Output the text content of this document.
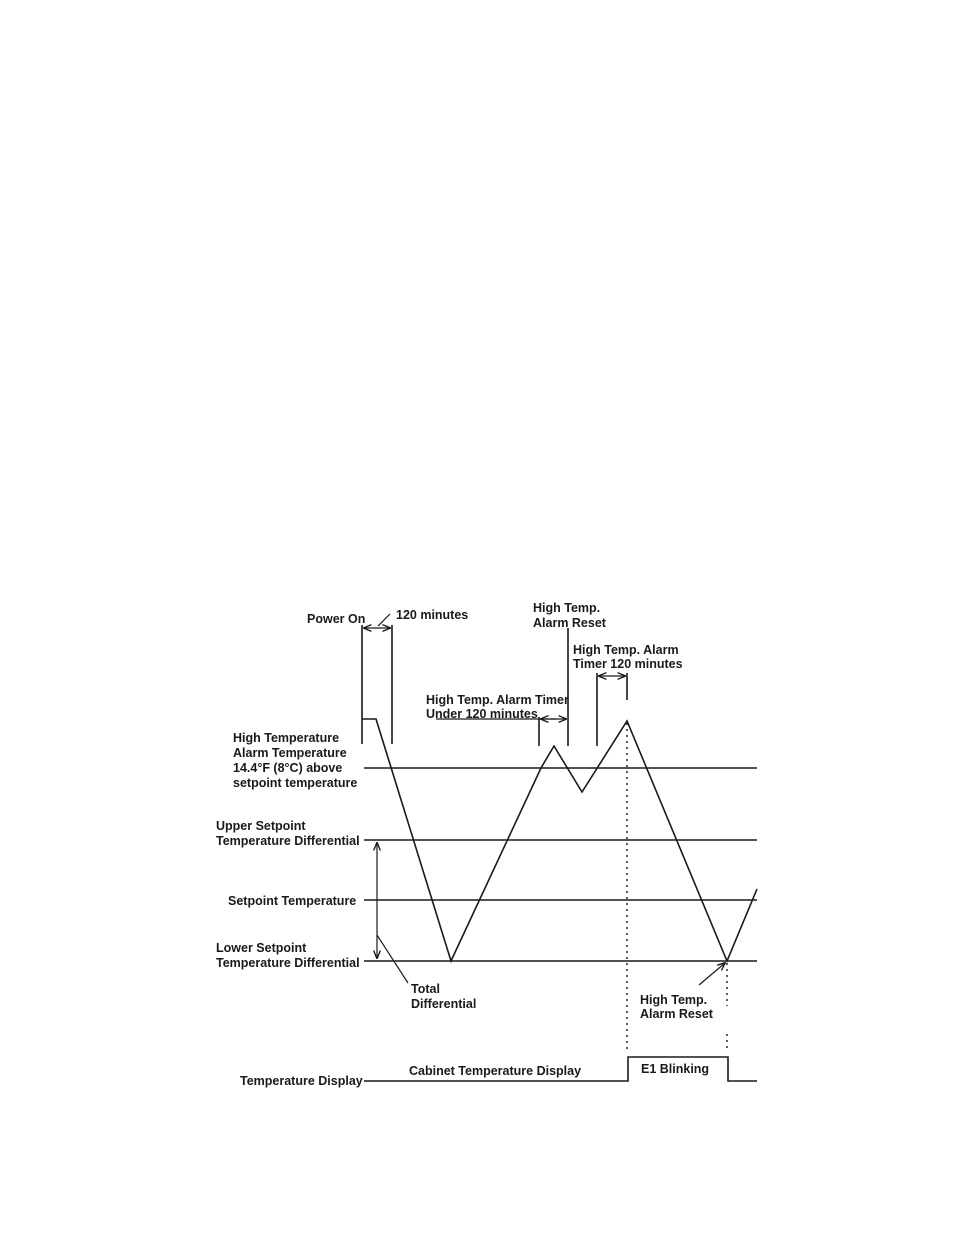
Power On 120 minutes	High Temp.
Alarm Reset
High Temp. Alarm
Timer 120 minutes
High Temp. Alarm Timer
Under 120 minutes
High Temperature
Alarm Temperature
14.4°F (8°C) above
setpoint temperature
Upper Setpoint
Temperature Differential
Setpoint Temperature
Lower Setpoint
Temperature Differential
Total
Differential	High Temp.
Alarm Reset
Temperature Display
Cabinet Temperature Display	E1 Blinking
